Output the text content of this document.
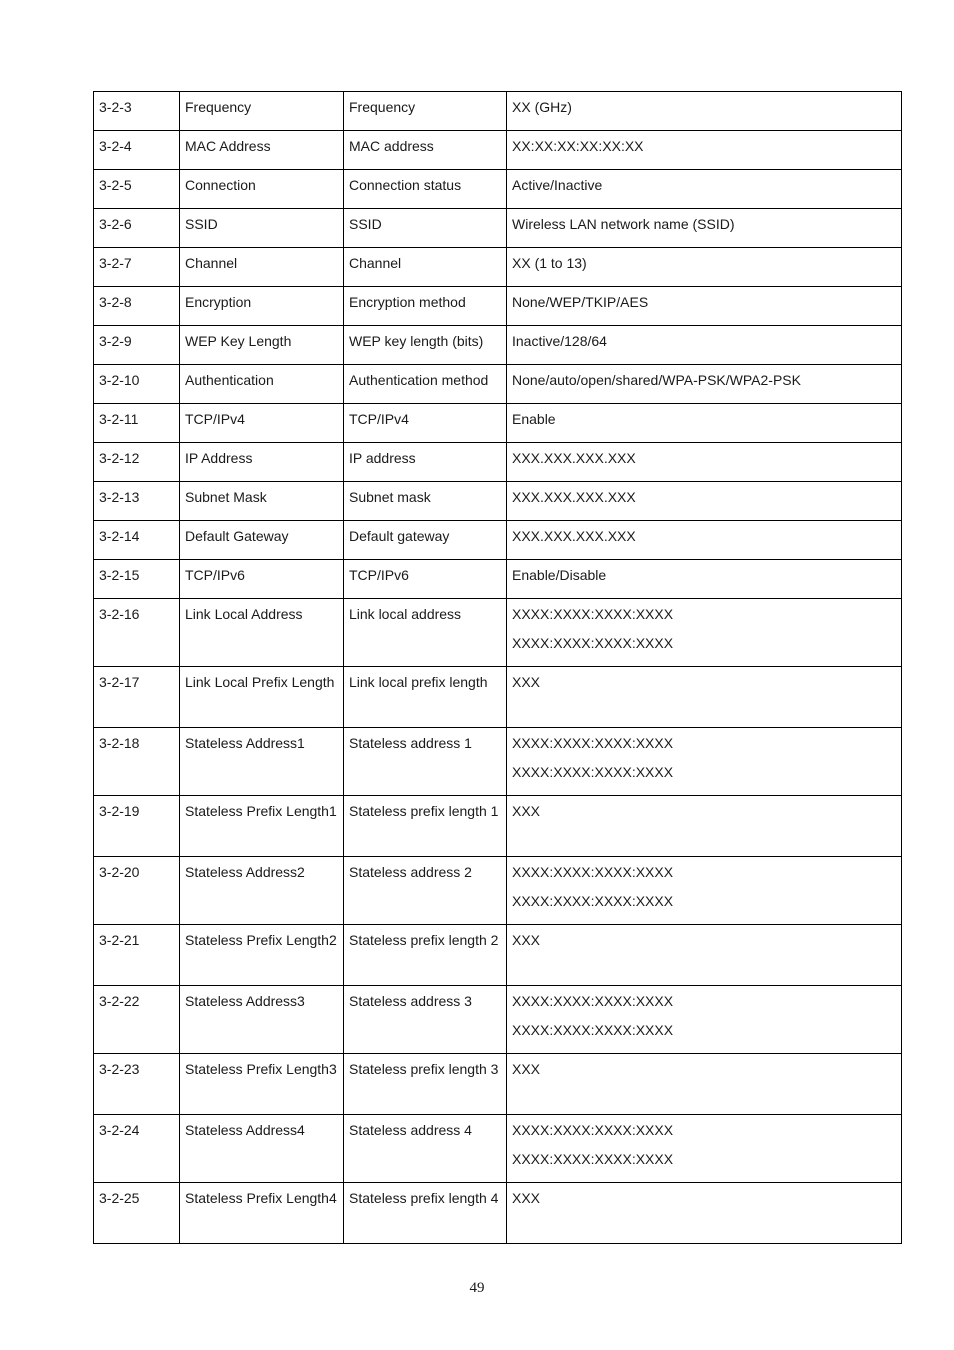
3-2-3	Frequency	Frequency	XX (GHz)

3-2-4	MAC Address	MAC address	XX:XX:XX:XX:XX:XX

3-2-5	Connection	Connection status	Active/Inactive

3-2-6	SSID	SSID	Wireless LAN network name (SSID)

3-2-7	Channel	Channel	XX (1 to 13)

3-2-8	Encryption	Encryption method	None/WEP/TKIP/AES

3-2-9	WEP Key Length	WEP key length (bits)	Inactive/128/64

3-2-10	Authentication	Authentication method	None/auto/open/shared/WPA-PSK/WPA2-PSK

3-2-11	TCP/IPv4	TCP/IPv4	Enable

3-2-12	IP Address	IP address	XXX.XXX.XXX.XXX

3-2-13	Subnet Mask	Subnet mask	XXX.XXX.XXX.XXX

3-2-14	Default Gateway	Default gateway	XXX.XXX.XXX.XXX

3-2-15	TCP/IPv6	TCP/IPv6	Enable/Disable

3-2-16	Link Local Address	Link local address	XXXX:XXXX:XXXX:XXXX
XXXX:XXXX:XXXX:XXXX

3-2-17	Link Local Prefix Length	Link local prefix length	XXX

3-2-18	Stateless Address1	Stateless address 1	XXXX:XXXX:XXXX:XXXX
XXXX:XXXX:XXXX:XXXX

3-2-19	Stateless Prefix Length1	Stateless prefix length 1	XXX

3-2-20	Stateless Address2	Stateless address 2	XXXX:XXXX:XXXX:XXXX
XXXX:XXXX:XXXX:XXXX

3-2-21	Stateless Prefix Length2	Stateless prefix length 2	XXX

3-2-22	Stateless Address3	Stateless address 3	XXXX:XXXX:XXXX:XXXX
XXXX:XXXX:XXXX:XXXX

3-2-23	Stateless Prefix Length3	Stateless prefix length 3	XXX

3-2-24	Stateless Address4	Stateless address 4	XXXX:XXXX:XXXX:XXXX
XXXX:XXXX:XXXX:XXXX

3-2-25	Stateless Prefix Length4	Stateless prefix length 4	XXX
49
